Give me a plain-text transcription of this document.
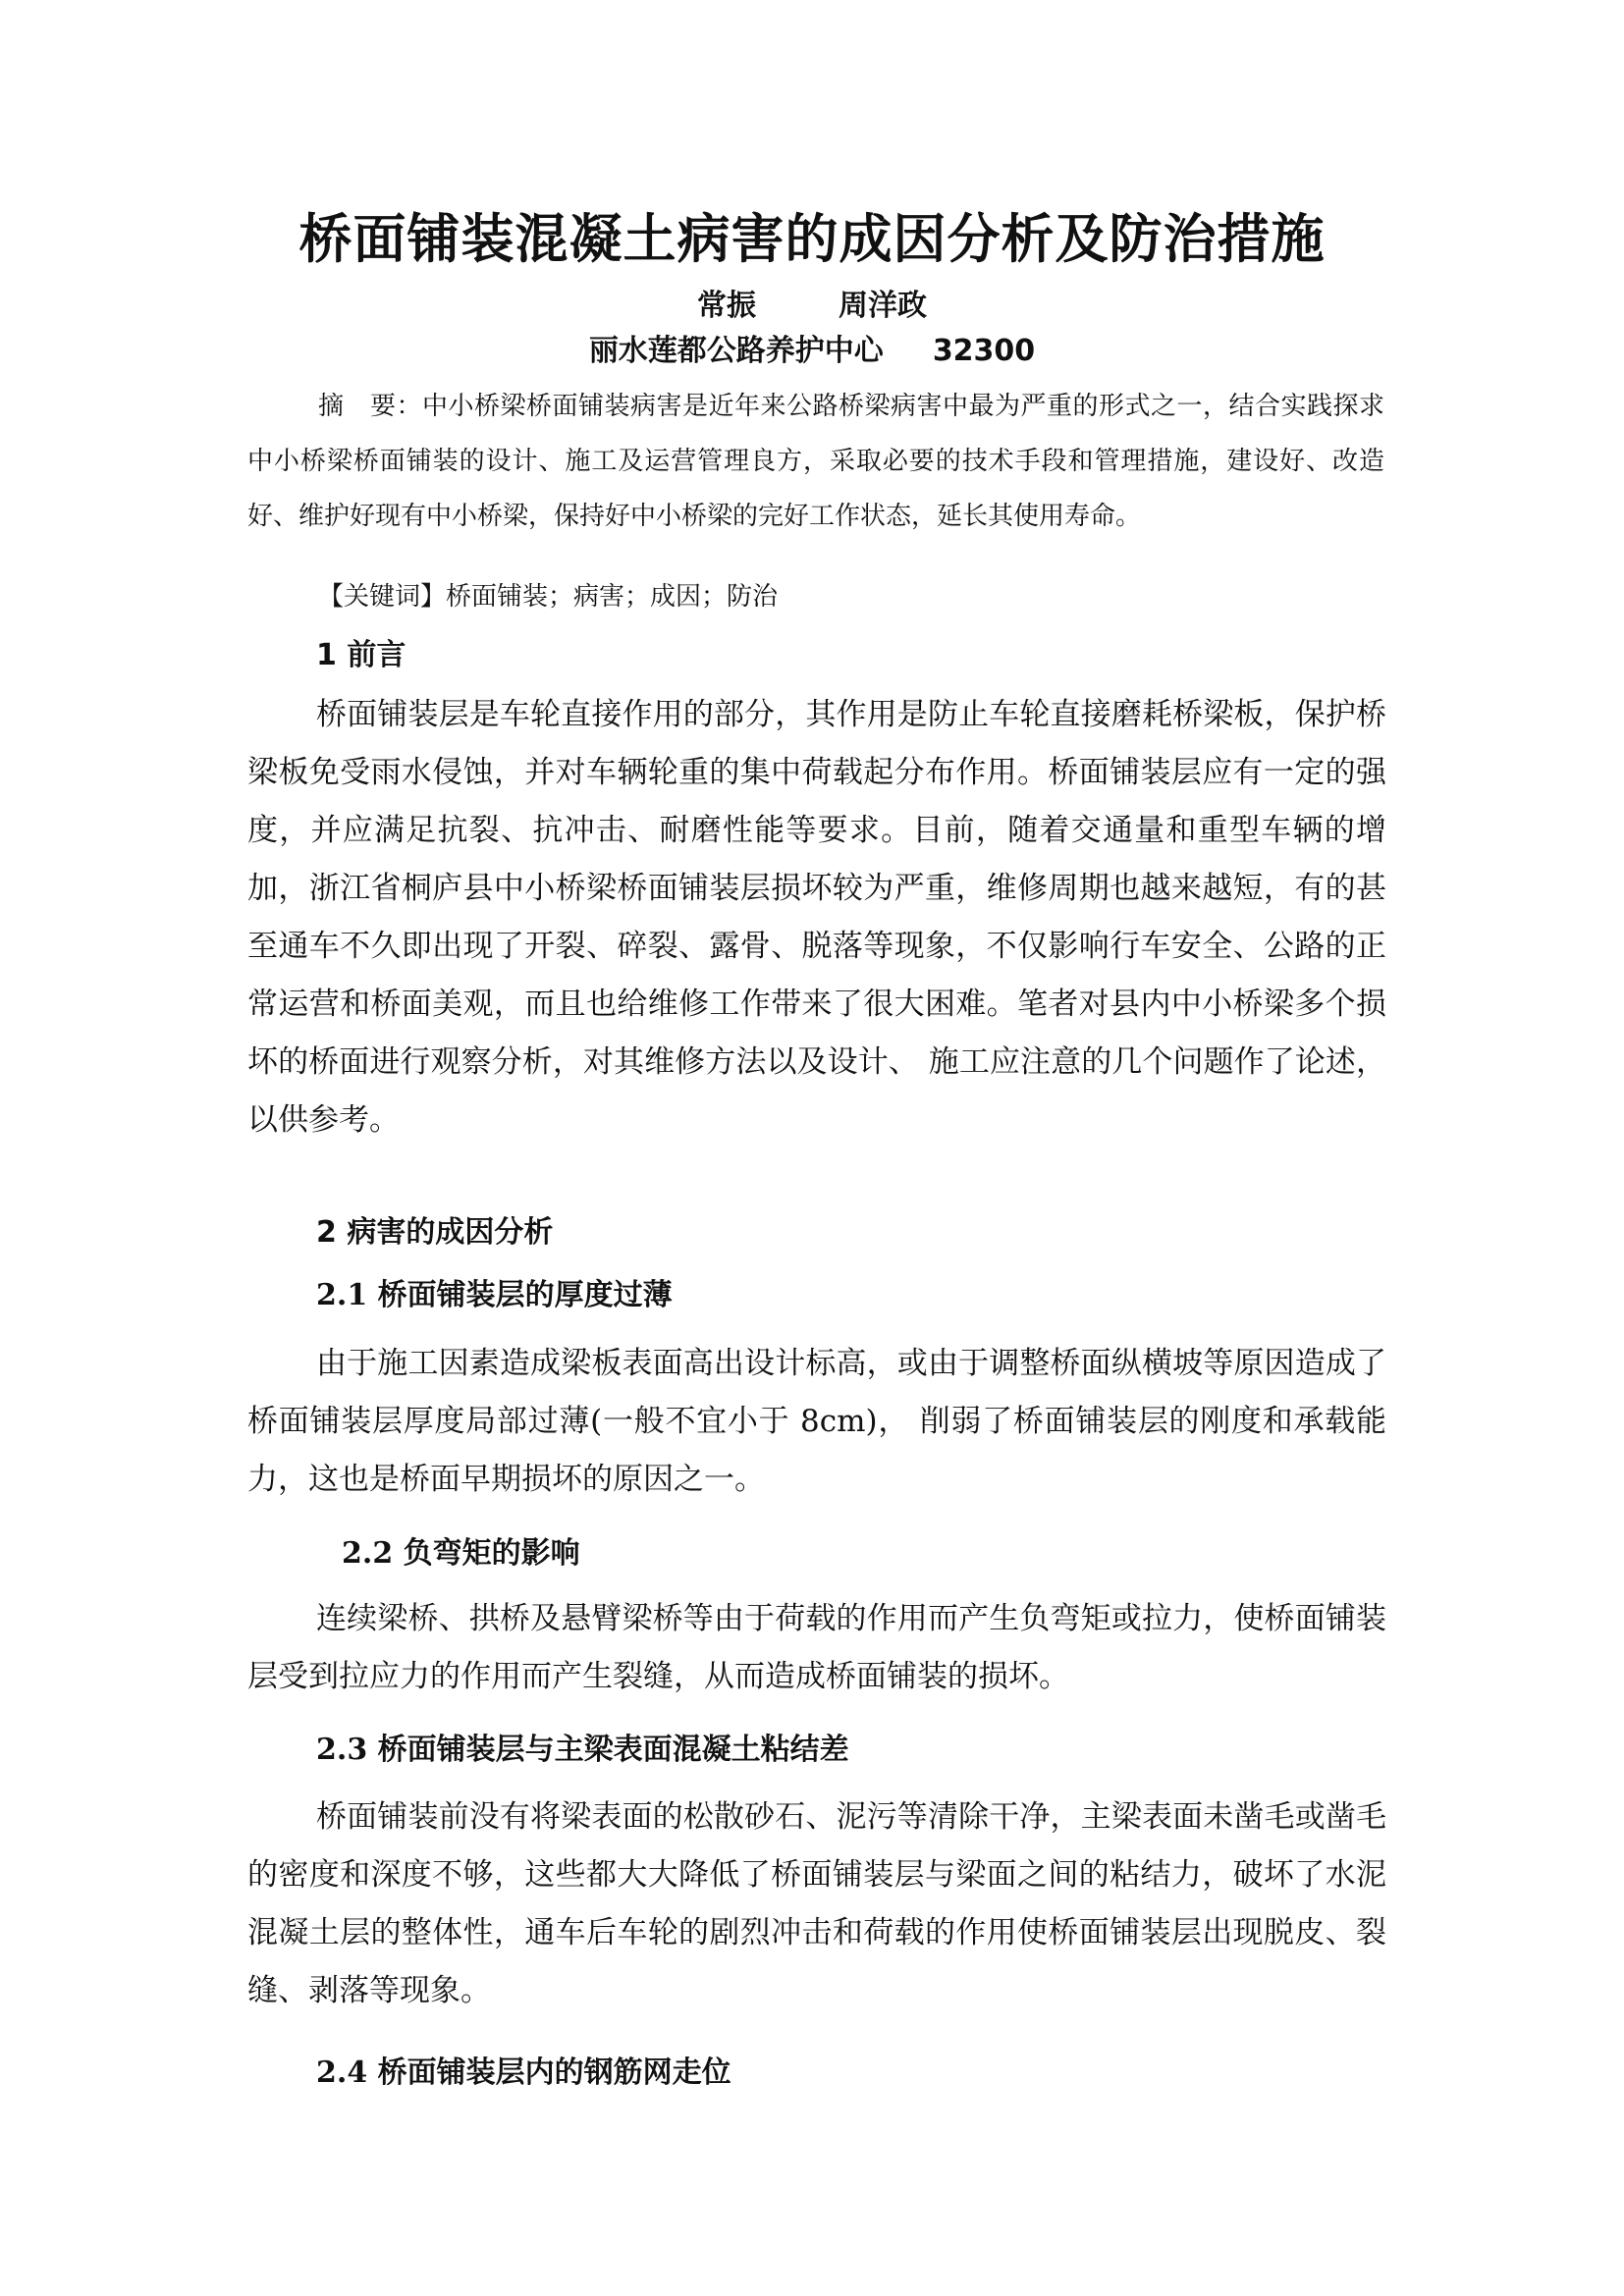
桥面铺装混凝土病害的成因分析及防治措施
常振	周洋政
丽水莲都公路养护中心 32300

摘　要：中小桥梁桥面铺装病害是近年来公路桥梁病害中最为严重的形式之一，结合实践探求中小桥梁桥面铺装的设计、施工及运营管理良方，采取必要的技术手段和管理措施，建设好、改造好、维护好现有中小桥梁，保持好中小桥梁的完好工作状态，延长其使用寿命。

【关键词】桥面铺装；病害；成因；防治

1 前言

桥面铺装层是车轮直接作用的部分，其作用是防止车轮直接磨耗桥梁板，保护桥梁板免受雨水侵蚀，并对车辆轮重的集中荷载起分布作用。桥面铺装层应有一定的强度，并应满足抗裂、抗冲击、耐磨性能等要求。目前，随着交通量和重型车辆的增加，浙江省桐庐县中小桥梁桥面铺装层损坏较为严重，维修周期也越来越短，有的甚至通车不久即出现了开裂、碎裂、露骨、脱落等现象，不仅影响行车安全、公路的正常运营和桥面美观，而且也给维修工作带来了很大困难。笔者对县内中小桥梁多个损坏的桥面进行观察分析，对其维修方法以及设计、 施工应注意的几个问题作了论述，以供参考。

2 病害的成因分析
2.1 桥面铺装层的厚度过薄

由于施工因素造成梁板表面高出设计标高，或由于调整桥面纵横坡等原因造成了桥面铺装层厚度局部过薄(一般不宜小于 8cm)， 削弱了桥面铺装层的刚度和承载能力，这也是桥面早期损坏的原因之一。

2.2 负弯矩的影响

连续梁桥、拱桥及悬臂梁桥等由于荷载的作用而产生负弯矩或拉力，使桥面铺装层受到拉应力的作用而产生裂缝，从而造成桥面铺装的损坏。

2.3 桥面铺装层与主梁表面混凝土粘结差

桥面铺装前没有将梁表面的松散砂石、泥污等清除干净，主梁表面未凿毛或凿毛的密度和深度不够，这些都大大降低了桥面铺装层与梁面之间的粘结力，破坏了水泥混凝土层的整体性，通车后车轮的剧烈冲击和荷载的作用使桥面铺装层出现脱皮、裂缝、剥落等现象。

2.4 桥面铺装层内的钢筋网走位
